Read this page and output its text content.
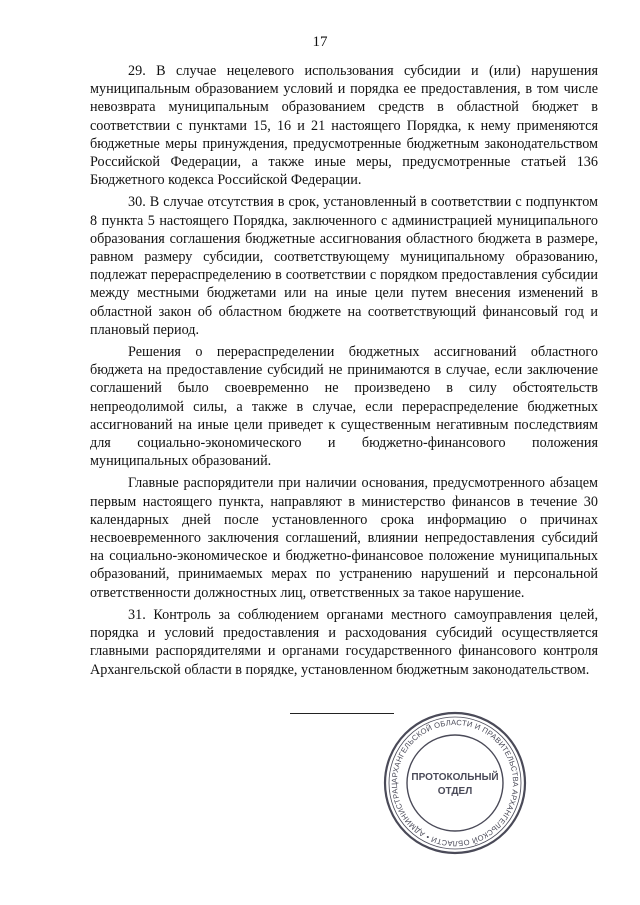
17

29. В случае нецелевого использования субсидии и (или) нарушения муниципальным образованием условий и порядка ее предоставления, в том числе невозврата муниципальным образованием средств в областной бюджет в соответствии с пунктами 15, 16 и 21 настоящего Порядка, к нему применяются бюджетные меры принуждения, предусмотренные бюджетным законодательством Российской Федерации, а также иные меры, предусмотренные статьей 136 Бюджетного кодекса Российской Федерации.

30. В случае отсутствия в срок, установленный в соответствии с подпунктом 8 пункта 5 настоящего Порядка, заключенного с администрацией муниципального образования соглашения бюджетные ассигнования областного бюджета в размере, равном размеру субсидии, соответствующему муниципальному образованию, подлежат перераспределению в соответствии с порядком предоставления субсидии между местными бюджетами или на иные цели путем внесения изменений в областной закон об областном бюджете на соответствующий финансовый год и плановый период.

Решения о перераспределении бюджетных ассигнований областного бюджета на предоставление субсидий не принимаются в случае, если заключение соглашений было своевременно не произведено в силу обстоятельств непреодолимой силы, а также в случае, если перераспределение бюджетных ассигнований на иные цели приведет к существенным негативным последствиям для социально-экономического и бюджетно-финансового положения муниципальных образований.

Главные распорядители при наличии основания, предусмотренного абзацем первым настоящего пункта, направляют в министерство финансов в течение 30 календарных дней после установленного срока информацию о причинах несвоевременного заключения соглашений, влиянии непредоставления субсидий на социально-экономическое и бюджетно-финансовое положение муниципальных образований, принимаемых мерах по устранению нарушений и персональной ответственности должностных лиц, ответственных за такое нарушение.

31. Контроль за соблюдением органами местного самоуправления целей, порядка и условий предоставления и расходования субсидий осуществляется главными распорядителями и органами государственного финансового контроля Архангельской области в порядке, установленном бюджетным законодательством.

АРХАНГЕЛЬСКОЙ ОБЛАСТИ И ПРАВИТЕЛЬСТВА АРХАНГЕЛЬСКОЙ ОБЛАСТИ • АДМИНИСТРАЦ
ПРОТОКОЛЬНЫЙ
ОТДЕЛ
